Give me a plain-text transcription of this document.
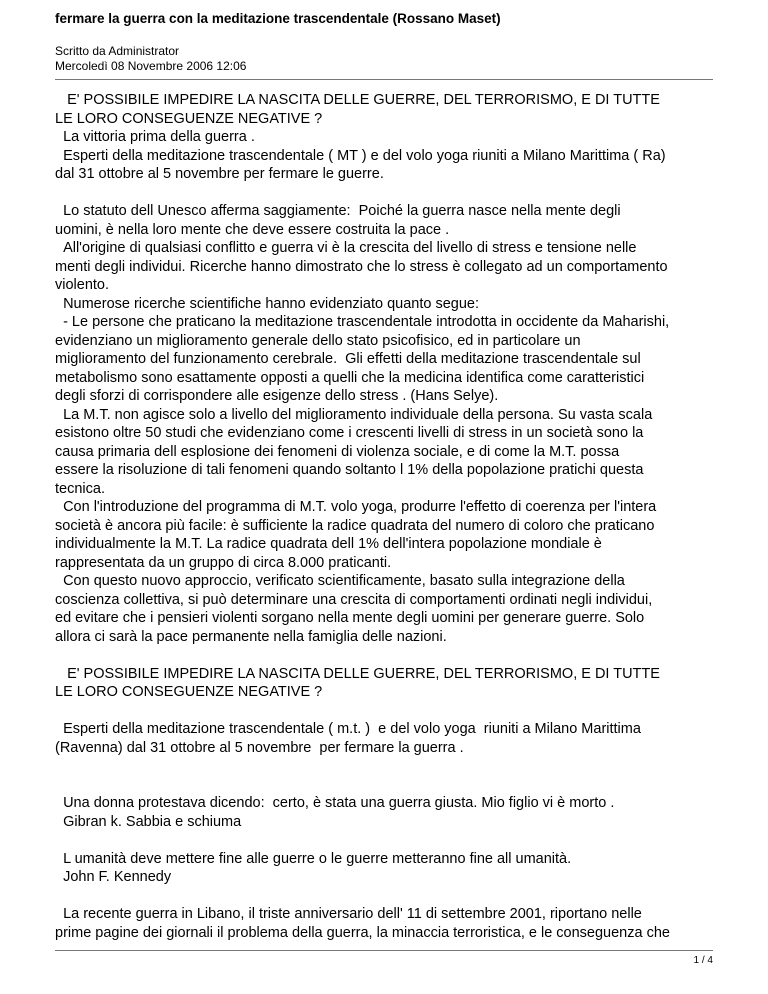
fermare la guerra con la meditazione trascendentale (Rossano Maset)
Scritto da Administrator
Mercoledì 08 Novembre 2006 12:06

E' POSSIBILE IMPEDIRE LA NASCITA DELLE GUERRE, DEL TERRORISMO, E DI TUTTE

LE LORO CONSEGUENZE NEGATIVE ?

La vittoria prima della guerra .

Esperti della meditazione trascendentale ( MT ) e del volo yoga riuniti a Milano Marittima ( Ra)

dal 31 ottobre al 5 novembre per fermare le guerre.

Lo statuto dell Unesco afferma saggiamente:  Poiché la guerra nasce nella mente degli

uomini, è nella loro mente che deve essere costruita la pace .

All'origine di qualsiasi conflitto e guerra vi è la crescita del livello di stress e tensione nelle

menti degli individui. Ricerche hanno dimostrato che lo stress è collegato ad un comportamento

violento.

Numerose ricerche scientifiche hanno evidenziato quanto segue:

- Le persone che praticano la meditazione trascendentale introdotta in occidente da Maharishi,

evidenziano un miglioramento generale dello stato psicofisico, ed in particolare un

miglioramento del funzionamento cerebrale.  Gli effetti della meditazione trascendentale sul

metabolismo sono esattamente opposti a quelli che la medicina identifica come caratteristici

degli sforzi di corrispondere alle esigenze dello stress . (Hans Selye).

La M.T. non agisce solo a livello del miglioramento individuale della persona. Su vasta scala

esistono oltre 50 studi che evidenziano come i crescenti livelli di stress in un società sono la

causa primaria dell esplosione dei fenomeni di violenza sociale, e di come la M.T. possa

essere la risoluzione di tali fenomeni quando soltanto l 1% della popolazione pratichi questa

tecnica.

Con l'introduzione del programma di M.T. volo yoga, produrre l'effetto di coerenza per l'intera

società è ancora più facile: è sufficiente la radice quadrata del numero di coloro che praticano

individualmente la M.T. La radice quadrata dell 1% dell'intera popolazione mondiale è

rappresentata da un gruppo di circa 8.000 praticanti.

Con questo nuovo approccio, verificato scientificamente, basato sulla integrazione della

coscienza collettiva, si può determinare una crescita di comportamenti ordinati negli individui,

ed evitare che i pensieri violenti sorgano nella mente degli uomini per generare guerre. Solo

allora ci sarà la pace permanente nella famiglia delle nazioni.

E' POSSIBILE IMPEDIRE LA NASCITA DELLE GUERRE, DEL TERRORISMO, E DI TUTTE

LE LORO CONSEGUENZE NEGATIVE ?

Esperti della meditazione trascendentale ( m.t. )  e del volo yoga  riuniti a Milano Marittima

(Ravenna) dal 31 ottobre al 5 novembre  per fermare la guerra .

Una donna protestava dicendo:  certo, è stata una guerra giusta. Mio figlio vi è morto .

Gibran k. Sabbia e schiuma

L umanità deve mettere fine alle guerre o le guerre metteranno fine all umanità.

John F. Kennedy

La recente guerra in Libano, il triste anniversario dell' 11 di settembre 2001, riportano nelle

prime pagine dei giornali il problema della guerra, la minaccia terroristica, e le conseguenza che

1 / 4
